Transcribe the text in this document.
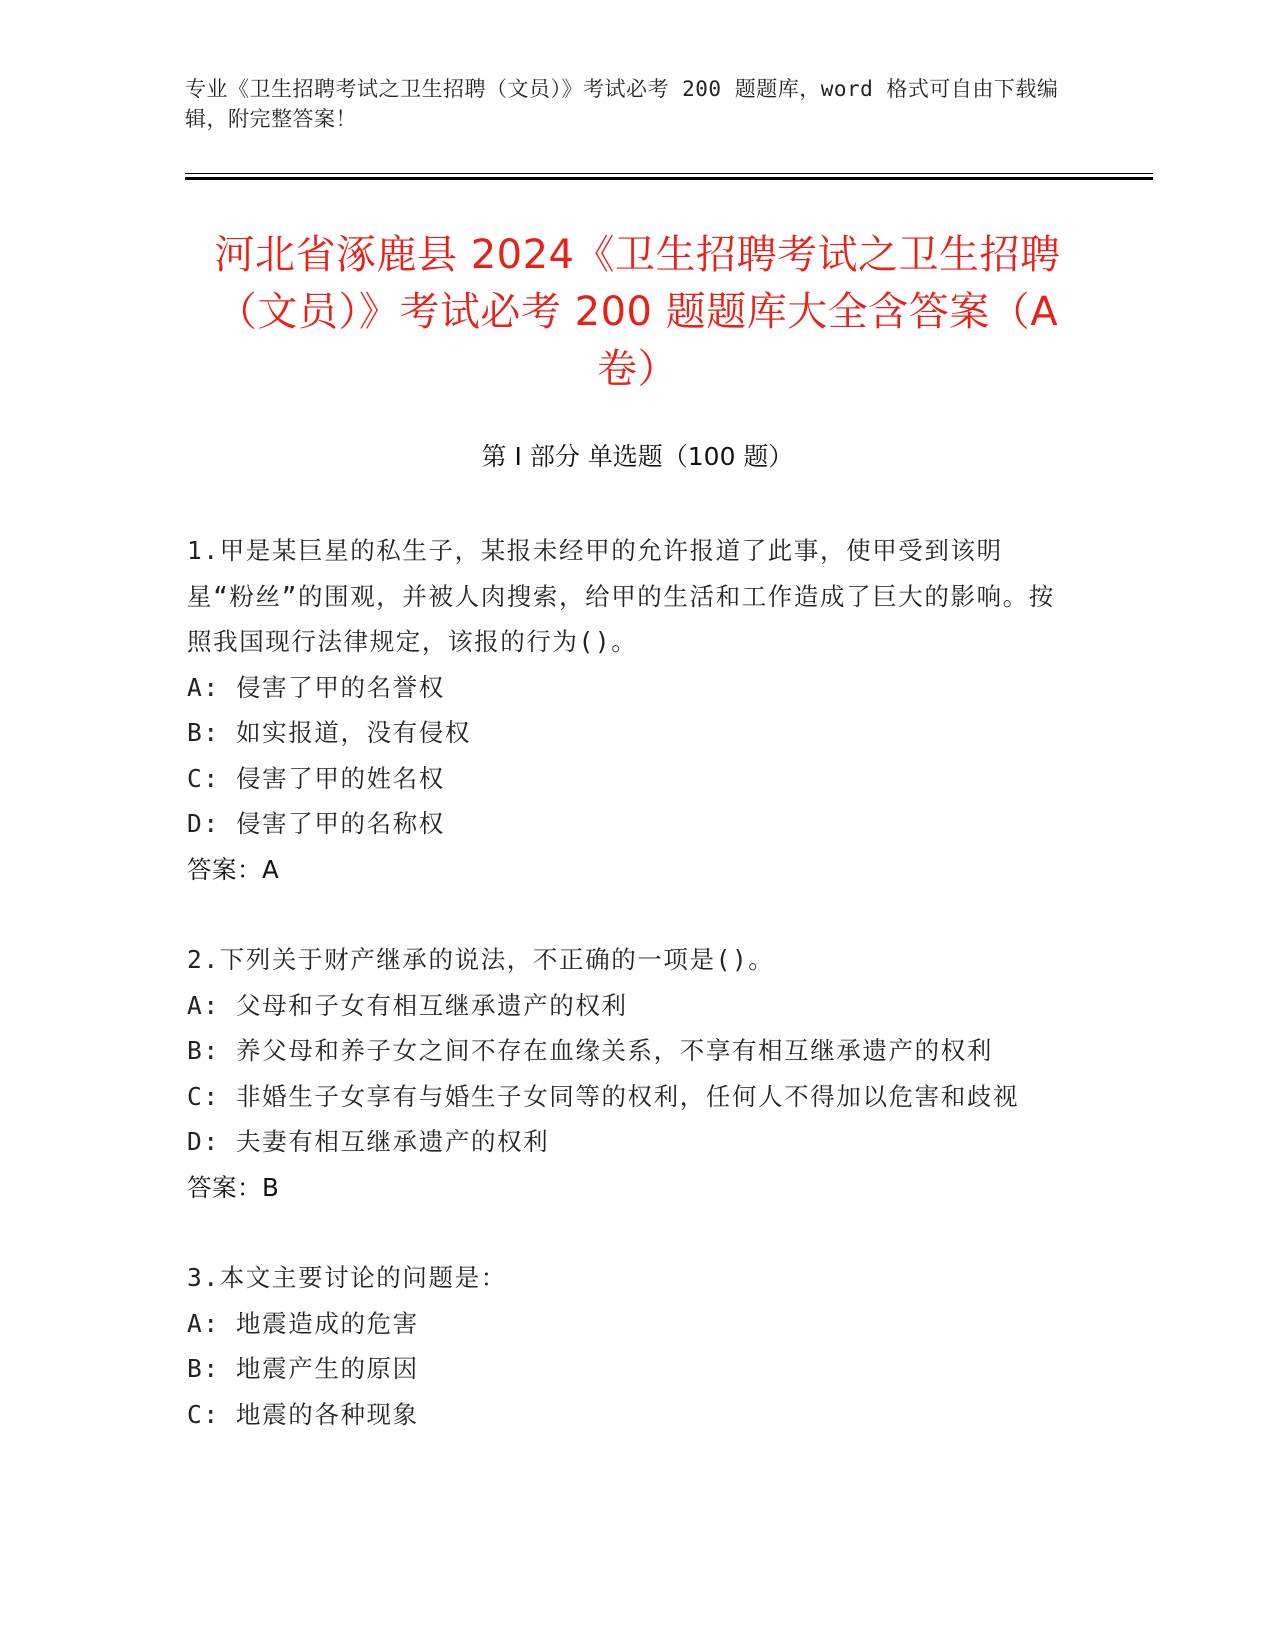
专业《卫生招聘考试之卫生招聘（文员）》考试必考 200 题题库，word 格式可自由下载编辑，附完整答案！
河北省涿鹿县 2024《卫生招聘考试之卫生招聘（文员）》考试必考 200 题题库大全含答案（A 卷）
第 I 部分 单选题（100 题）
1.甲是某巨星的私生子，某报未经甲的允许报道了此事，使甲受到该明星“粉丝”的围观，并被人肉搜索，给甲的生活和工作造成了巨大的影响。按照我国现行法律规定，该报的行为()。
A: 侵害了甲的名誉权
B: 如实报道，没有侵权
C: 侵害了甲的姓名权
D: 侵害了甲的名称权
答案：A
2.下列关于财产继承的说法，不正确的一项是()。
A: 父母和子女有相互继承遗产的权利
B: 养父母和养子女之间不存在血缘关系，不享有相互继承遗产的权利
C: 非婚生子女享有与婚生子女同等的权利，任何人不得加以危害和歧视
D: 夫妻有相互继承遗产的权利
答案：B
3.本文主要讨论的问题是：
A: 地震造成的危害
B: 地震产生的原因
C: 地震的各种现象
